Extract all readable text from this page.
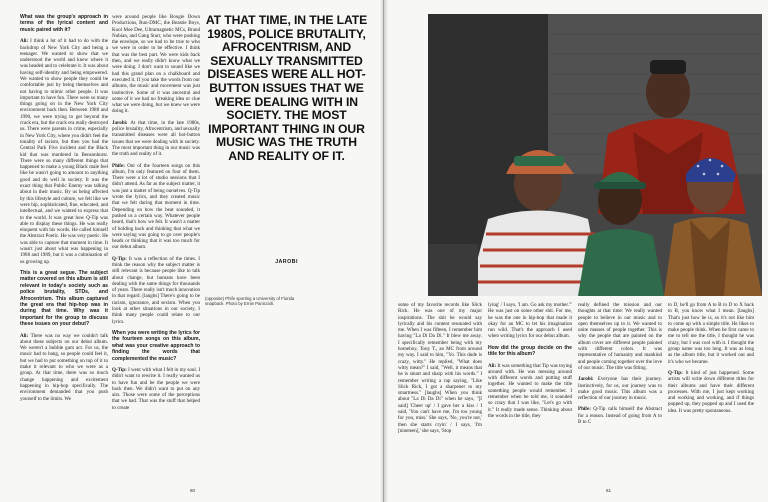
What was the group's approach in terms of the lyrical content and music paired with it?

Ali: I think a lot of it had to do with the backdrop of New York City and being a teenager. We wanted to show that we understood the world and knew where it was headed and to celebrate it. It was about having self-identity and being empowered. We wanted to show people they could be comfortable just by being themselves and not having to mimic other people. It was important to have fun. There were so many things going on in the New York City environment back then. Between 1988 and 1990, we were trying to get beyond the crack era, but the crack era really destroyed us. There were parents in crime, especially in New York City, where you didn't feel the tonality of racism, but then you had the Central Park Five incident and the Black kid that was murdered in Bensonhurst. There were so many different things that happened to make a young Black male feel like he wasn't going to amount to anything good and do well in society. It was the exact thing that Public Enemy was talking about in their music. By us being affected by this lifestyle and culture, we felt like we were hip, sophisticated, fine, educated, and intellectual, and we wanted to express that to the world. It was great how Q-Tip was able to display these things. He was really eloquent with his words. He called himself the Abstract Poetic. He was very poetic. He was able to capture that moment in time. It wasn't just about what was happening in 1988 and 1989, but it was a culmination of us growing up.

This is a great segue. The subject matter covered on this album is still relevant in today's society such as police brutality, STDs, and Afrocentrism. This album captured the great era that hip-hop was in during that time. Why was it important for the group to discuss these issues on your debut?

Ali: There was no way we couldn't talk about these subjects on our debut album. We weren't a bubble gum act. For us, the music had to bang, so people could feel it, but we had to put something on top of it to make it relevant to who we were as a group. At that time, there was so much change happening and excitement happening in hip-hop specifically. The environment demanded that you push yourself to the limits. We

were around people like Boogie Down Productions, Run-DMC, the Beastie Boys, Kool Moe Dee, Ultramagnetic MCs, Brand Nubian, and Gang Starr, who were pushing the envelope, so we had to be true to who we were in order to be effective. I think that was the best part. We were kids back then, and we really didn't know what we were doing. I don't want to sound like we had this grand plan on a chalkboard and executed it. If you take the words from our albums, the music and movement was just instinctive. Some of it was ancestral and some of it we had no freaking idea or clue what we were doing, but we knew we were doing it.

Jarobi: At that time, in the late 1980s, police brutality, Afrocentrism, and sexually transmitted diseases were all hot-button issues that we were dealing with in society. The most important thing in our music was the truth and reality of it.

Phife: Out of the fourteen songs on this album, I'm only featured on four of them. There were a lot of studio sessions that I didn't attend. As far as the subject matter, it was just a matter of being ourselves. Q-Tip wrote the lyrics, and they created music that we felt during that moment in time. Depending on how the beat sounded, it pushed us a certain way. Whatever people heard, that's how we felt. It wasn't a matter of holding back and thinking that what we were saying was going to go over people's heads or thinking that it was too much for our debut album.

Q-Tip: It was a reflection of the times. I think the reason why the subject matter is still relevant is because people like to talk about change, but humans have been dealing with the same things for thousands of years. There really isn't much innovation in that regard. [laughs] There's going to be racism, ignorance, and sexism. When you look at other situations in our society, I think many people could relate to our lyrics.

When you were writing the lyrics for the fourteen songs on this album, what was your creative approach to finding the words that complemented the music?

Q-Tip: I went with what I felt in my soul. I didn't want to rewrite it. I really wanted us to have fun and be the people we were back then. We didn't want to put on any airs. Those were some of the perceptions that we had. That was the stuff that helped to create

AT THAT TIME, IN THE LATE 1980S, POLICE BRUTALITY, AFROCENTRISM, AND SEXUALLY TRANSMITTED DISEASES WERE ALL HOT-BUTTON ISSUES THAT WE WERE DEALING WITH IN SOCIETY. THE MOST IMPORTANT THING IN OUR MUSIC WAS THE TRUTH AND REALITY OF IT.
JAROBI
(opposite) Phife sporting a University of Florida snapback. Photo by Ernie Paniccioli.
60

some of my favorite records like Slick Rick. He was one of my major inspirations. The shit he would say lyrically and his content resonated with me. When I was fifteen, I remember him having "La Di Da Di." It blew me away. I specifically remember being with my homeboy, Tony T., an MC from around my way. I said to him, "Yo. This dude is crazy, witty." He replied, "What does witty mean?" I said, "Well, it means that he is smart and sharp with his words." I remember writing a rap saying, "Like Slick Rick, I got a sharpener to my smartness." [laughs] When you think about "La Di Da Di" when he says, "[I said] 'Cheer up' / I gave her a kiss / I said, 'You can't have me, I'm too young for you, miss.' She says, 'No, you're not,' then she starts cryin' / I says, 'I'm [nineteen],' she says, 'Stop

lying' / I says, 'I am. Go ask my mother.'" He was just on some other shit. For me, he was the one in hip-hop that made it okay for an MC to let his imagination run wild. That's the approach I used when writing lyrics for our debut album.

How did the group decide on the title for this album?

Ali: It was something that Tip was toying around with. He was messing around with different words and putting stuff together. He wanted to make the title something people would remember. I remember when he told me, it sounded so crazy that I was like, "Let's go with it." It really made sense. Thinking about the words in the title, they

really defined the mission and our thoughts at that time: We really wanted people to believe in our music and to open themselves up to it. We wanted to unite masses of people together. This is why the people that are painted on the album cover are different people painted with different colors. It was representative of humanity and mankind and people coming together over the love of our music. The title was fitting.

Jarobi: Everyone has their journey. Instinctively, for us, our journey was to make good music. This album was a reflection of our journey in music.

Phife: Q-Tip calls himself the Abstract for a reason. Instead of going from A to B to C

to D, he'll go from A to B to D to X back to B, you know what I mean. [laughs] That's just how he is, so it's not like him to come up with a simple title. He likes to make people think. When he first came to me to tell me the title, I thought he was crazy, but I was cool with it. I thought the group name was too long. It was as long as the album title, but it worked out and it's who we became.

Q-Tip: It kind of just happened. Some artists will write down different titles for their albums and have their different processes. With me, I just kept working and working and working, and if things popped up, they popped up and I used the idea. It was pretty spontaneous.

61
